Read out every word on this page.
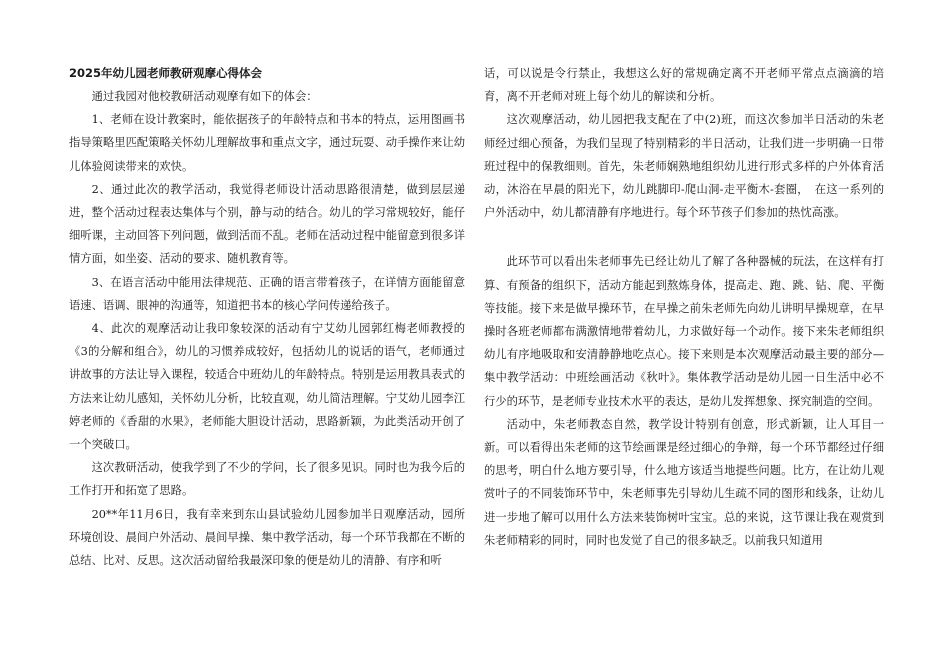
2025年幼儿园老师教研观摩心得体会

通过我园对他校教研活动观摩有如下的体会：

1、老师在设计教案时，能依据孩子的年龄特点和书本的特点，运用图画书指导策略里匹配策略关怀幼儿理解故事和重点文字，通过玩耍、动手操作来让幼儿体验阅读带来的欢快。

2、通过此次的教学活动，我觉得老师设计活动思路很清楚，做到层层递进，整个活动过程表达集体与个别，静与动的结合。幼儿的学习常规较好，能仔细听课，主动回答下列问题，做到活而不乱。老师在活动过程中能留意到很多详情方面，如坐姿、活动的要求、随机教育等。

3、在语言活动中能用法律规范、正确的语言带着孩子，在详情方面能留意语速、语调、眼神的沟通等，知道把书本的核心学问传递给孩子。

4、此次的观摩活动让我印象较深的活动有宁艾幼儿园郭红梅老师教授的《3的分解和组合》，幼儿的习惯养成较好，包括幼儿的说话的语气，老师通过讲故事的方法让导入课程，较适合中班幼儿的年龄特点。特别是运用教具表式的方法来让幼儿感知，关怀幼儿分析，比较直观，幼儿简洁理解。宁艾幼儿园李江婷老师的《香甜的水果》，老师能大胆设计活动，思路新颖，为此类活动开创了一个突破口。

这次教研活动，使我学到了不少的学问，长了很多见识。同时也为我今后的工作打开和拓宽了思路。

20**年11月6日，我有幸来到东山县试验幼儿园参加半日观摩活动，园所环境创设、晨间户外活动、晨间早操、集中教学活动，每一个环节我都在不断的总结、比对、反思。这次活动留给我最深印象的便是幼儿的清静、有序和听

话，可以说是令行禁止，我想这么好的常规确定离不开老师平常点点滴滴的培育，离不开老师对班上每个幼儿的解读和分析。

这次观摩活动，幼儿园把我支配在了中(2)班，而这次参加半日活动的朱老师经过细心预备，为我们呈现了特别精彩的半日活动，让我们进一步明确一日带班过程中的保教细则。首先，朱老师娴熟地组织幼儿进行形式多样的户外体育活动，沐浴在早晨的阳光下，幼儿跳脚印-爬山洞-走平衡木-套圈，　在这一系列的户外活动中，幼儿都清静有序地进行。每个环节孩子们参加的热忱高涨。

此环节可以看出朱老师事先已经让幼儿了解了各种器械的玩法，在这样有打算、有预备的组织下，活动方能起到熬炼身体，提高走、跑、跳、钻、爬、平衡等技能。接下来是做早操环节，在早操之前朱老师先向幼儿讲明早操规章，在早操时各班老师都布满激情地带着幼儿，力求做好每一个动作。接下来朱老师组织幼儿有序地吸取和安清静静地吃点心。接下来则是本次观摩活动最主要的部分—集中教学活动：中班绘画活动《秋叶》。集体教学活动是幼儿园一日生活中必不行少的环节，是老师专业技术水平的表达，是幼儿发挥想象、探究制造的空间。

活动中，朱老师教态自然，教学设计特别有创意，形式新颖，让人耳目一新。可以看得出朱老师的这节绘画课是经过细心的争辩，每一个环节都经过仔细的思考，明白什么地方要引导，什么地方该适当地提些问题。比方，在让幼儿观赏叶子的不同装饰环节中，朱老师事先引导幼儿生疏不同的图形和线条，让幼儿进一步地了解可以用什么方法来装饰树叶宝宝。总的来说，这节课让我在观赏到朱老师精彩的同时，同时也发觉了自己的很多缺乏。以前我只知道用
